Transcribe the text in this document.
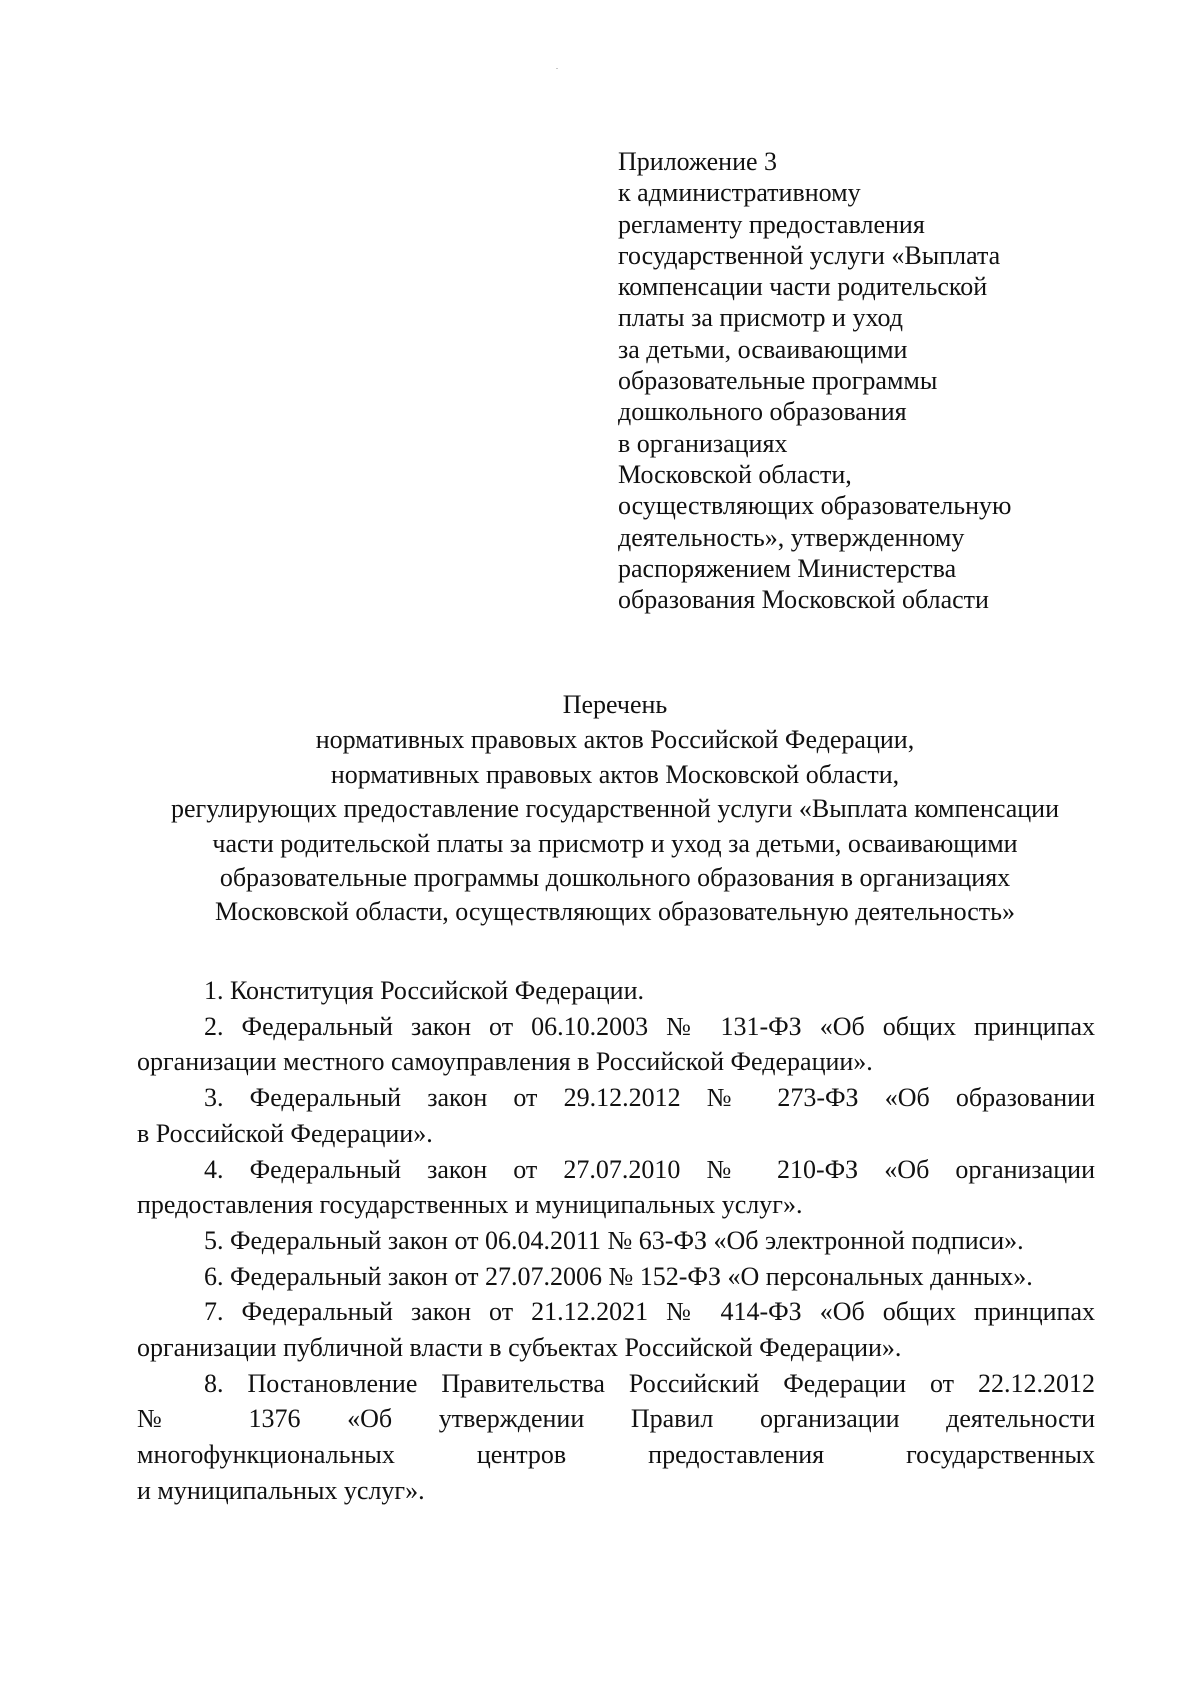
Приложение 3
к административному
регламенту предоставления
государственной услуги «Выплата
компенсации части родительской
платы за присмотр и уход
за детьми, осваивающими
образовательные программы
дошкольного образования
в организациях
Московской области,
осуществляющих образовательную
деятельность», утвержденному
распоряжением Министерства
образования Московской области
Перечень
нормативных правовых актов Российской Федерации,
нормативных правовых актов Московской области,
регулирующих предоставление государственной услуги «Выплата компенсации
части родительской платы за присмотр и уход за детьми, осваивающими
образовательные программы дошкольного образования в организациях
Московской области, осуществляющих образовательную деятельность»
1. Конституция Российской Федерации.
2. Федеральный закон от 06.10.2003 № 131-ФЗ «Об общих принципах
организации местного самоуправления в Российской Федерации».
3. Федеральный закон от 29.12.2012 № 273-ФЗ «Об образовании
в Российской Федерации».
4. Федеральный закон от 27.07.2010 № 210-ФЗ «Об организации
предоставления государственных и муниципальных услуг».
5. Федеральный закон от 06.04.2011 № 63-ФЗ «Об электронной подписи».
6. Федеральный закон от 27.07.2006 № 152-ФЗ «О персональных данных».
7. Федеральный закон от 21.12.2021 № 414-ФЗ «Об общих принципах
организации публичной власти в субъектах Российской Федерации».
8. Постановление Правительства Российский Федерации от 22.12.2012
№ 1376 «Об утверждении Правил организации деятельности
многофункциональных центров предоставления государственных
и муниципальных услуг».
